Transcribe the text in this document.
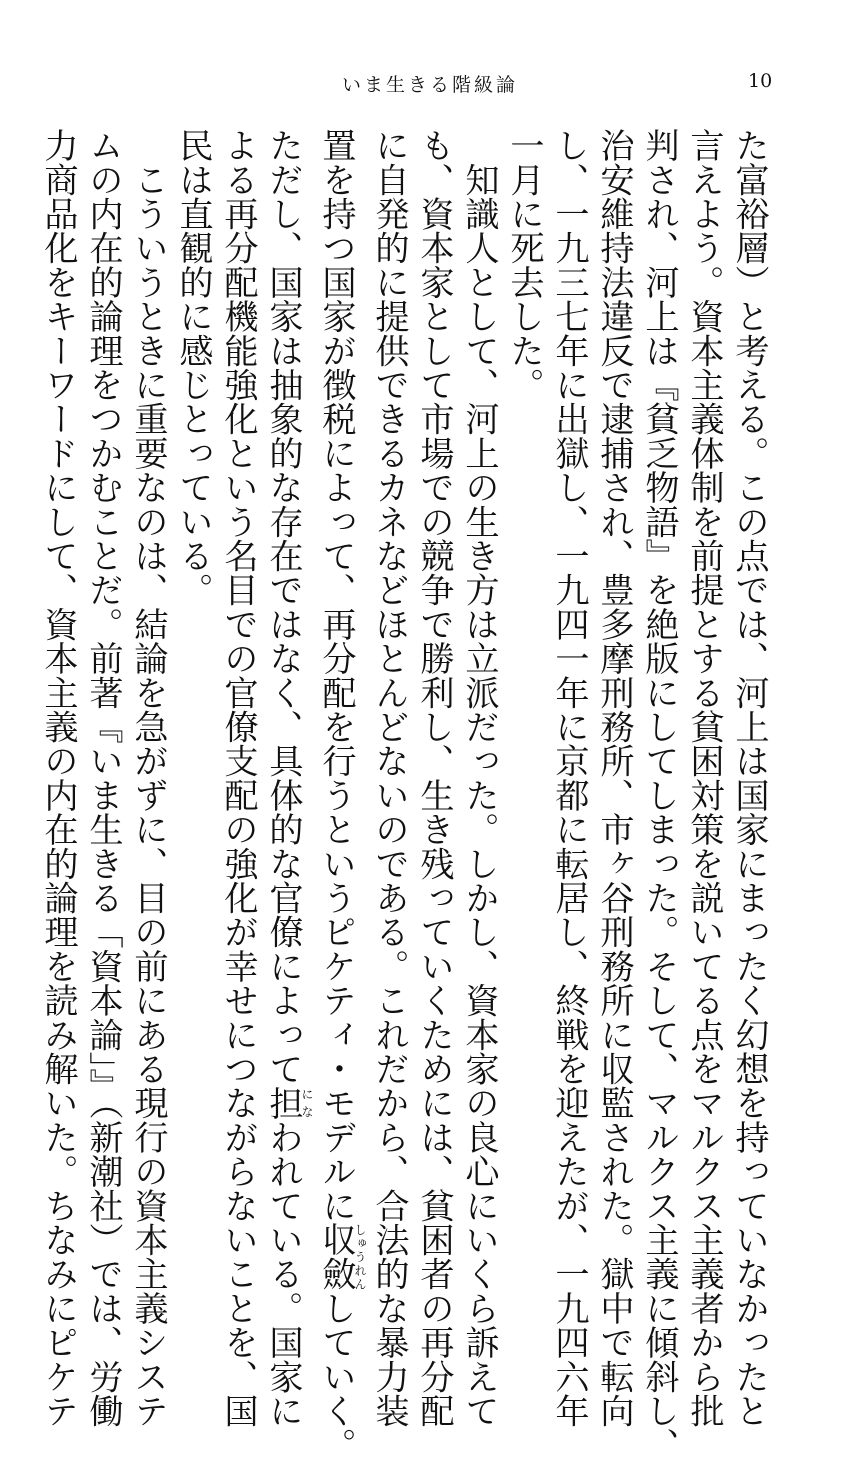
いま生きる階級論	10
た富裕層）と考える。この点では、河上は国家にまったく幻想を持っていなかったと
言えよう。資本主義体制を前提とする貧困対策を説いてる点をマルクス主義者から批
判され、河上は『貧乏物語』を絶版にしてしまった。そして、マルクス主義に傾斜し、
治安維持法違反で逮捕され、豊多摩刑務所、市ヶ谷刑務所に収監された。獄中で転向
し、一九三七年に出獄し、一九四一年に京都に転居し、終戦を迎えたが、一九四六年
一月に死去した。
　知識人として、河上の生き方は立派だった。しかし、資本家の良心にいくら訴えて
も、資本家として市場での競争で勝利し、生き残っていくためには、貧困者の再分配
に自発的に提供できるカネなどほとんどないのである。これだから、合法的な暴力装
置を持つ国家が徴税によって、再分配を行うというピケティ・モデルに収斂しゅうれんしていく。
ただし、国家は抽象的な存在ではなく、具体的な官僚によって担になわれている。国家に
よる再分配機能強化という名目での官僚支配の強化が幸せにつながらないことを、国
民は直観的に感じとっている。
　こういうときに重要なのは、結論を急がずに、目の前にある現行の資本主義システ
ムの内在的論理をつかむことだ。前著『いま生きる「資本論」』（新潮社）では、労働
力商品化をキーワードにして、資本主義の内在的論理を読み解いた。ちなみにピケテ
